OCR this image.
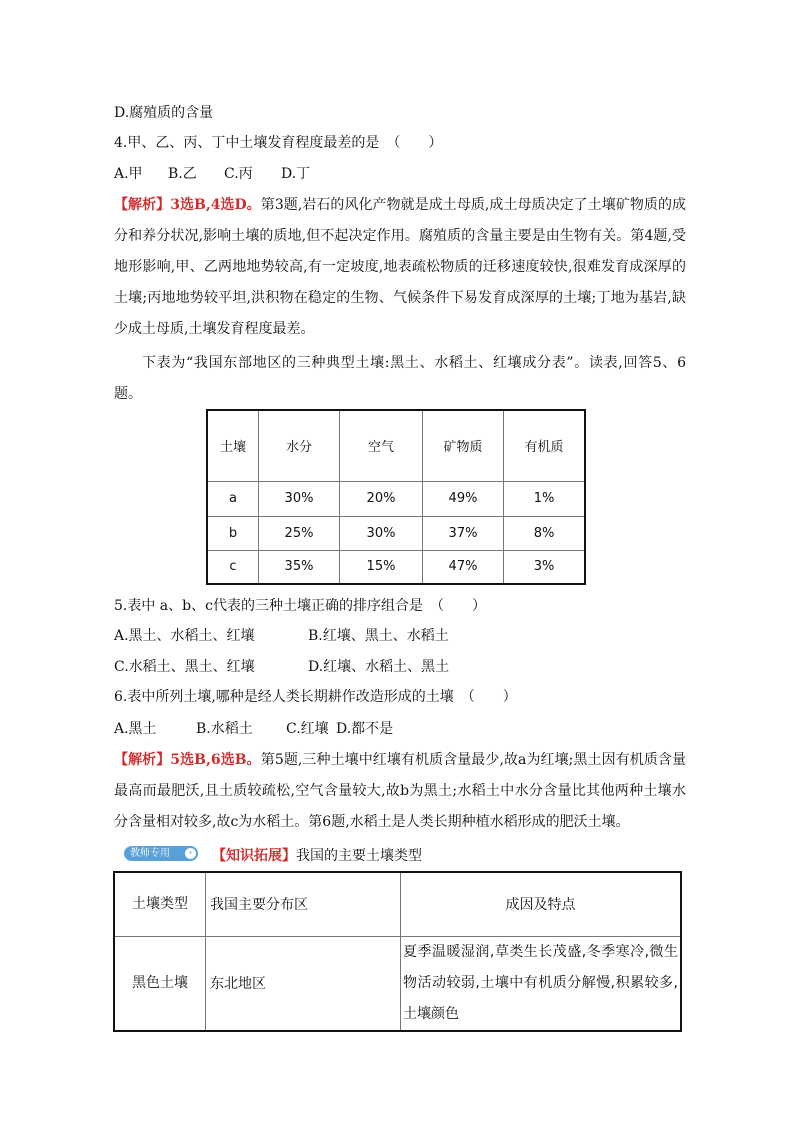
D.腐殖质的含量
4.甲、乙、丙、丁中土壤发育程度最差的是　（　　）
A.甲 B.乙 C.丙 D.丁
【解析】3选B,4选D。第3题,岩石的风化产物就是成土母质,成土母质决定了土壤矿物质的成分和养分状况,影响土壤的质地,但不起决定作用。腐殖质的含量主要是由生物有关。第4题,受地形影响,甲、乙两地地势较高,有一定坡度,地表疏松物质的迁移速度较快,很难发育成深厚的土壤;丙地地势较平坦,洪积物在稳定的生物、气候条件下易发育成深厚的土壤;丁地为基岩,缺少成土母质,土壤发育程度最差。
下表为“我国东部地区的三种典型土壤:黑土、水稻土、红壤成分表”。读表,回答5、6题。
土壤	水分	空气	矿物质	有机质
a	30%	20%	49%	1%
b	25%	30%	37%	8%
c	35%	15%	47%	3%
5.表中 a、b、c代表的三种土壤正确的排序组合是　（　　）
A.黑土、水稻土、红壤	B.红壤、黑土、水稻土
C.水稻土、黑土、红壤	D.红壤、水稻土、黑土
6.表中所列土壤,哪种是经人类长期耕作改造形成的土壤　（　　）
A.黑土	B.水稻土 C.红壤 D.都不是
【解析】5选B,6选B。第5题,三种土壤中红壤有机质含量最少,故a为红壤;黑土因有机质含量最高而最肥沃,且土质较疏松,空气含量较大,故b为黑土;水稻土中水分含量比其他两种土壤水分含量相对较多,故c为水稻土。第6题,水稻土是人类长期种植水稻形成的肥沃土壤。
教师专用	› 【知识拓展】我国的主要土壤类型
土壤类型	我国主要分布区	成因及特点
黑色土壤	东北地区	夏季温暖湿润,草类生长茂盛,冬季寒冷,微生物活动较弱,土壤中有机质分解慢,积累较多,土壤颜色
